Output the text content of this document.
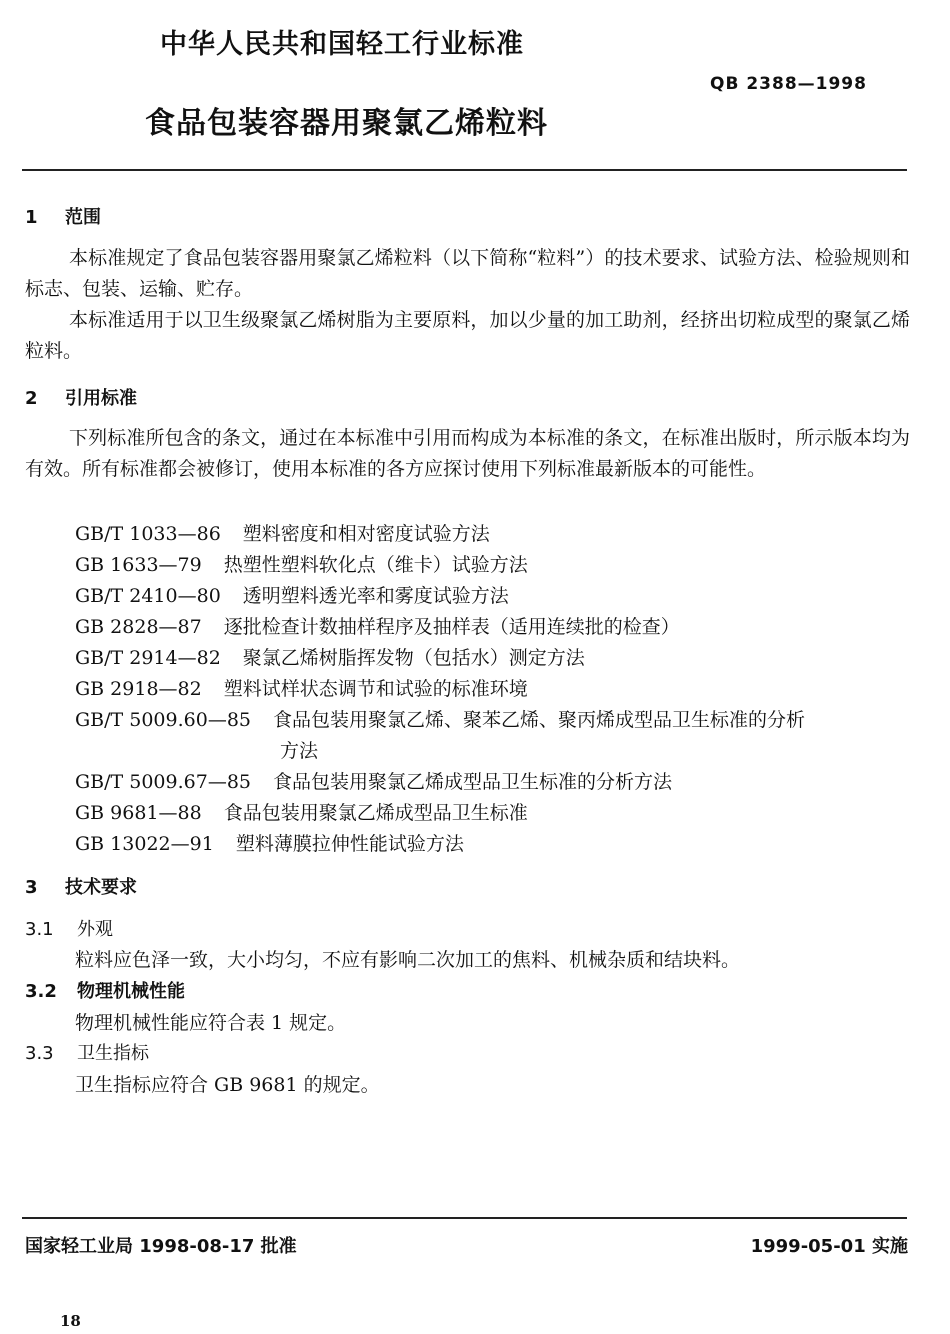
中华人民共和国轻工行业标准
QB 2388—1998
食品包装容器用聚氯乙烯粒料
1 范围
本标准规定了食品包装容器用聚氯乙烯粒料（以下简称“粒料”）的技术要求、试验方法、检验规则和标志、包装、运输、贮存。
本标准适用于以卫生级聚氯乙烯树脂为主要原料，加以少量的加工助剂，经挤出切粒成型的聚氯乙烯粒料。
2 引用标准
下列标准所包含的条文，通过在本标准中引用而构成为本标准的条文，在标准出版时，所示版本均为有效。所有标准都会被修订，使用本标准的各方应探讨使用下列标准最新版本的可能性。
GB/T 1033—86 塑料密度和相对密度试验方法
GB 1633—79 热塑性塑料软化点（维卡）试验方法
GB/T 2410—80 透明塑料透光率和雾度试验方法
GB 2828—87 逐批检查计数抽样程序及抽样表（适用连续批的检查）
GB/T 2914—82 聚氯乙烯树脂挥发物（包括水）测定方法
GB 2918—82 塑料试样状态调节和试验的标准环境
GB/T 5009.60—85 食品包装用聚氯乙烯、聚苯乙烯、聚丙烯成型品卫生标准的分析
方法
GB/T 5009.67—85 食品包装用聚氯乙烯成型品卫生标准的分析方法
GB 9681—88 食品包装用聚氯乙烯成型品卫生标准
GB 13022—91 塑料薄膜拉伸性能试验方法
3 技术要求
3.1 外观
粒料应色泽一致，大小均匀，不应有影响二次加工的焦料、机械杂质和结块料。
3.2 物理机械性能
物理机械性能应符合表 1 规定。
3.3 卫生指标
卫生指标应符合 GB 9681 的规定。
国家轻工业局 1998-08-17 批准	1999-05-01 实施
18
